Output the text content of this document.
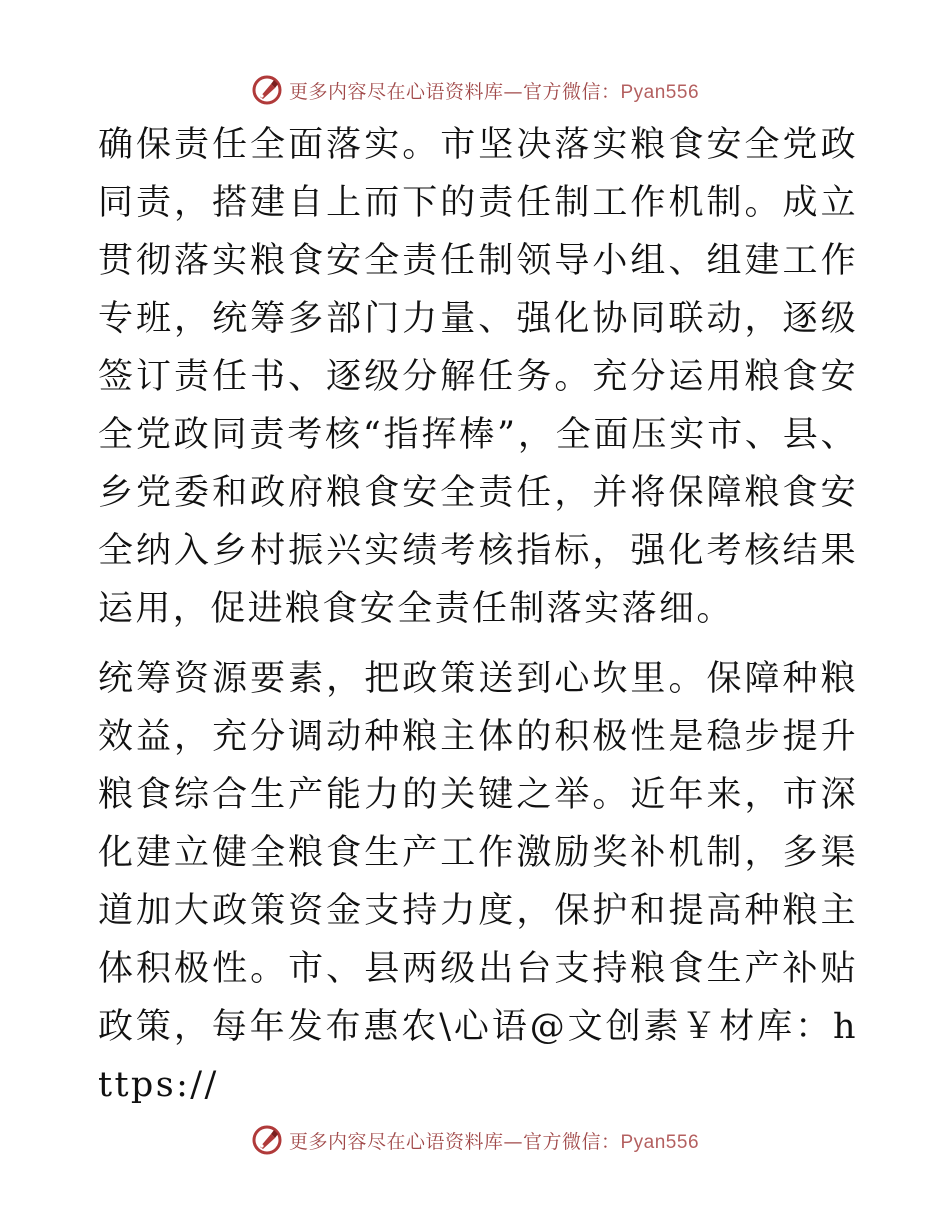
更多内容尽在心语资料库—官方微信：Pyan556

确保责任全面落实。市坚决落实粮食安全党政同责，搭建自上而下的责任制工作机制。成立贯彻落实粮食安全责任制领导小组、组建工作专班，统筹多部门力量、强化协同联动，逐级签订责任书、逐级分解任务。充分运用粮食安全党政同责考核“指挥棒”，全面压实市、县、乡党委和政府粮食安全责任，并将保障粮食安全纳入乡村振兴实绩考核指标，强化考核结果运用，促进粮食安全责任制落实落细。

统筹资源要素，把政策送到心坎里。保障种粮效益，充分调动种粮主体的积极性是稳步提升粮食综合生产能力的关键之举。近年来，市深化建立健全粮食生产工作激励奖补机制，多渠道加大政策资金支持力度，保护和提高种粮主体积极性。市、县两级出台支持粮食生产补贴政策，每年发布惠农\心语@文创素￥材库：https://

更多内容尽在心语资料库—官方微信：Pyan556
